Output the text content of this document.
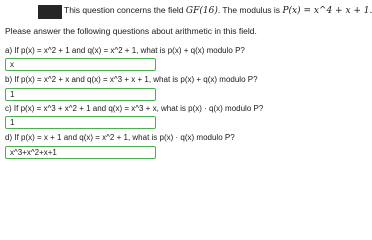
This question concerns the field GF(16). The modulus is P(x) = x^4 + x + 1.
Please answer the following questions about arithmetic in this field.
a) If p(x) = x^2 + 1 and q(x) = x^2 + 1, what is p(x) + q(x) modulo P?
x
b) If p(x) = x^2 + x and q(x) = x^3 + x + 1, what is p(x) + q(x) modulo P?
1
c) If p(x) = x^3 + x^2 + 1 and q(x) = x^3 + x, what is p(x) · q(x) modulo P?
1
d) If p(x) = x + 1 and q(x) = x^2 + 1, what is p(x) · q(x) modulo P?
x^3+x^2+x+1
